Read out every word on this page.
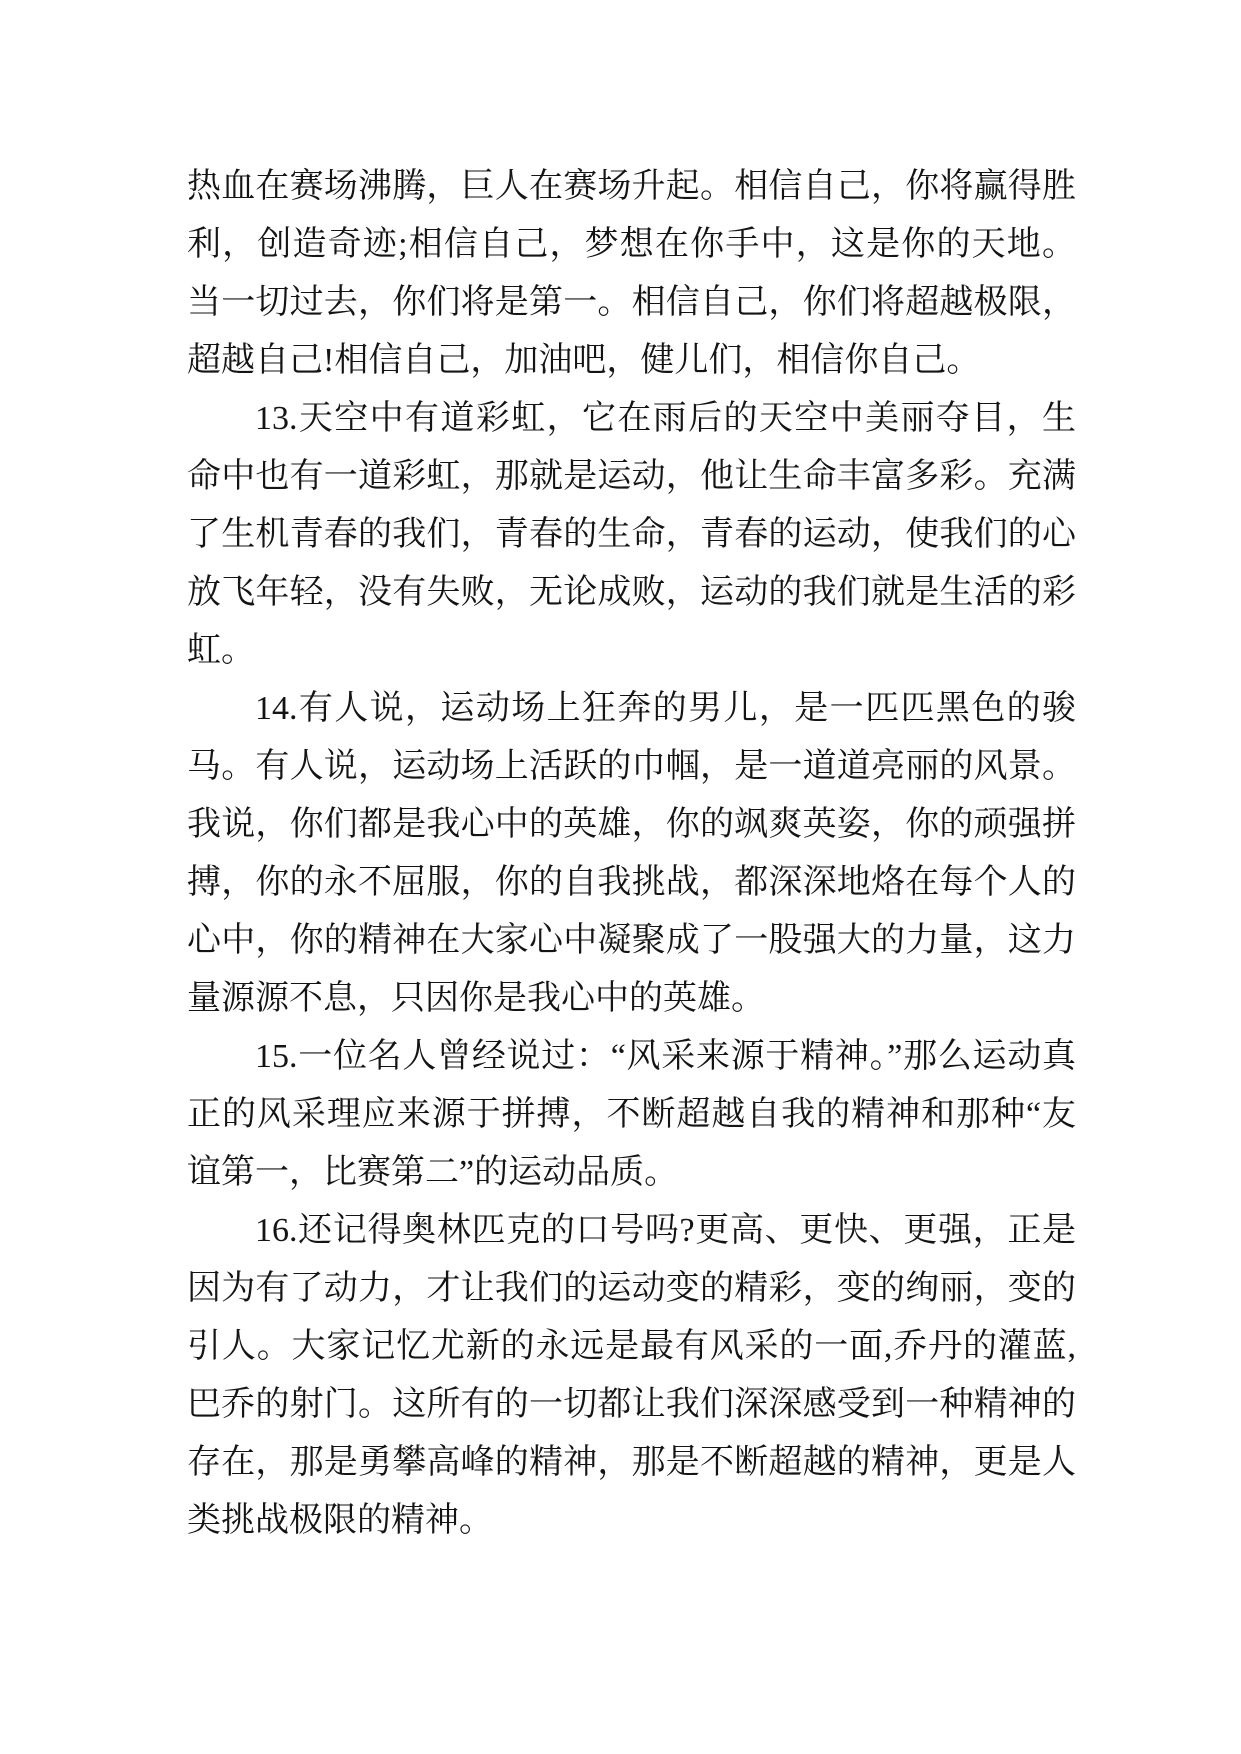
热血在赛场沸腾，巨人在赛场升起。相信自己，你将赢得胜利，创造奇迹;相信自己，梦想在你手中，这是你的天地。当一切过去，你们将是第一。相信自己，你们将超越极限，超越自己!相信自己，加油吧，健儿们，相信你自己。

13.天空中有道彩虹，它在雨后的天空中美丽夺目，生命中也有一道彩虹，那就是运动，他让生命丰富多彩。充满了生机青春的我们，青春的生命，青春的运动，使我们的心放飞年轻，没有失败，无论成败，运动的我们就是生活的彩虹。

14.有人说，运动场上狂奔的男儿，是一匹匹黑色的骏马。有人说，运动场上活跃的巾帼，是一道道亮丽的风景。我说，你们都是我心中的英雄，你的飒爽英姿，你的顽强拼搏，你的永不屈服，你的自我挑战，都深深地烙在每个人的心中，你的精神在大家心中凝聚成了一股强大的力量，这力量源源不息，只因你是我心中的英雄。

15.一位名人曾经说过：“风采来源于精神。”那么运动真正的风采理应来源于拼搏，不断超越自我的精神和那种“友谊第一，比赛第二”的运动品质。

16.还记得奥林匹克的口号吗?更高、更快、更强，正是因为有了动力，才让我们的运动变的精彩，变的绚丽，变的引人。大家记忆尤新的永远是最有风采的一面,乔丹的灌蓝,巴乔的射门。这所有的一切都让我们深深感受到一种精神的存在，那是勇攀高峰的精神，那是不断超越的精神，更是人类挑战极限的精神。
